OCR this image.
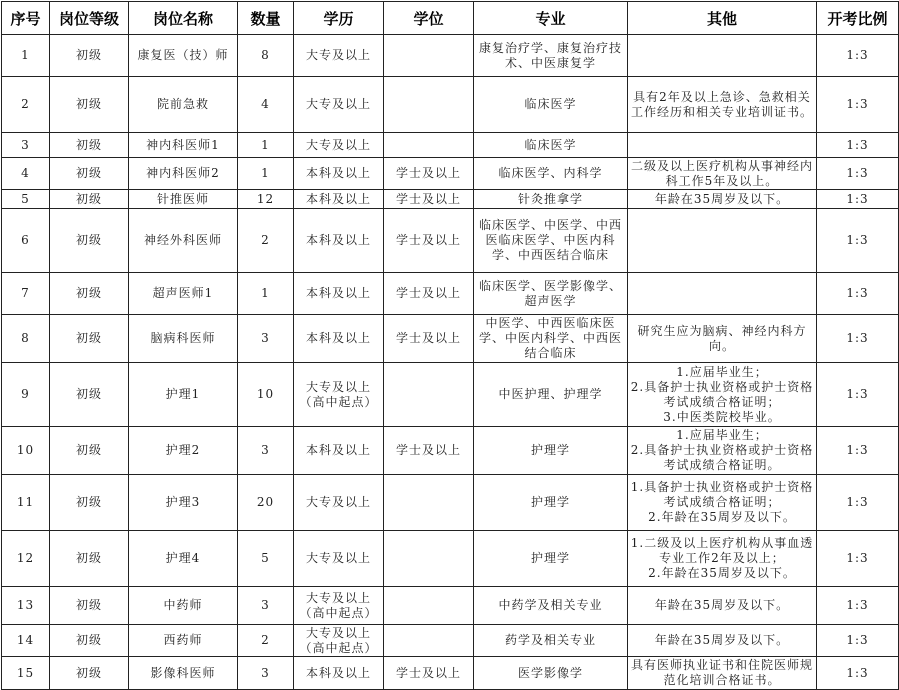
序号	岗位等级	岗位名称	数量	学历	学位	专业	其他	开考比例
1	初级	康复医（技）师	8	大专及以上		康复治疗学、康复治疗技术、中医康复学		1:3
2	初级	院前急救	4	大专及以上		临床医学	具有2年及以上急诊、急救相关工作经历和相关专业培训证书。	1:3
3	初级	神内科医师1	1	大专及以上		临床医学		1:3
4	初级	神内科医师2	1	本科及以上	学士及以上	临床医学、内科学	二级及以上医疗机构从事神经内科工作5年及以上。	1:3
5	初级	针推医师	12	本科及以上	学士及以上	针灸推拿学	年龄在35周岁及以下。	1:3
6	初级	神经外科医师	2	本科及以上	学士及以上	临床医学、中医学、中西医临床医学、中医内科学、中西医结合临床		1:3
7	初级	超声医师1	1	本科及以上	学士及以上	临床医学、医学影像学、超声医学		1:3
8	初级	脑病科医师	3	本科及以上	学士及以上	中医学、中西医临床医学、中医内科学、中西医结合临床	研究生应为脑病、神经内科方向。	1:3
9	初级	护理1	10	大专及以上
（高中起点）		中医护理、护理学	1.应届毕业生；
2.具备护士执业资格或护士资格考试成绩合格证明；
3.中医类院校毕业。	1:3
10	初级	护理2	3	本科及以上	学士及以上	护理学	1.应届毕业生；
2.具备护士执业资格或护士资格考试成绩合格证明。	1:3
11	初级	护理3	20	大专及以上		护理学	1.具备护士执业资格或护士资格考试成绩合格证明；
2.年龄在35周岁及以下。	1:3
12	初级	护理4	5	大专及以上		护理学	1.二级及以上医疗机构从事血透专业工作2年及以上；
2.年龄在35周岁及以下。	1:3
13	初级	中药师	3	大专及以上
（高中起点）		中药学及相关专业	年龄在35周岁及以下。	1:3
14	初级	西药师	2	大专及以上
（高中起点）		药学及相关专业	年龄在35周岁及以下。	1:3
15	初级	影像科医师	3	本科及以上	学士及以上	医学影像学	具有医师执业证书和住院医师规范化培训合格证书。	1:3
